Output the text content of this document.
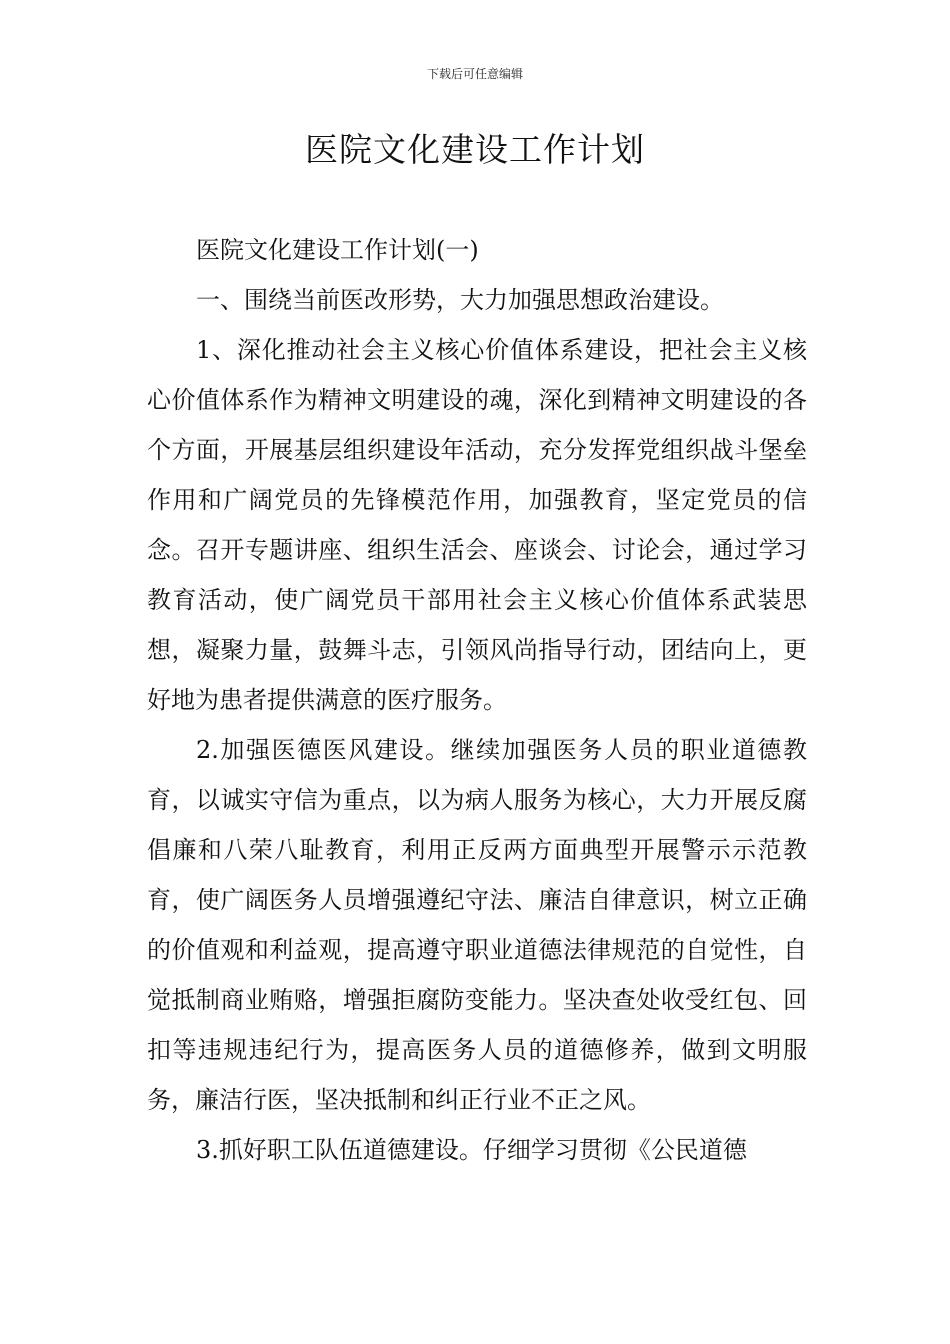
下载后可任意编辑
医院文化建设工作计划

医院文化建设工作计划(一)

一、围绕当前医改形势，大力加强思想政治建设。

1、深化推动社会主义核心价值体系建设，把社会主义核心价值体系作为精神文明建设的魂，深化到精神文明建设的各个方面，开展基层组织建设年活动，充分发挥党组织战斗堡垒作用和广阔党员的先锋模范作用，加强教育，坚定党员的信念。召开专题讲座、组织生活会、座谈会、讨论会，通过学习教育活动，使广阔党员干部用社会主义核心价值体系武装思想，凝聚力量，鼓舞斗志，引领风尚指导行动，团结向上，更好地为患者提供满意的医疗服务。

2.加强医德医风建设。继续加强医务人员的职业道德教育，以诚实守信为重点，以为病人服务为核心，大力开展反腐倡廉和八荣八耻教育，利用正反两方面典型开展警示示范教育，使广阔医务人员增强遵纪守法、廉洁自律意识，树立正确的价值观和利益观，提高遵守职业道德法律规范的自觉性，自觉抵制商业贿赂，增强拒腐防变能力。坚决查处收受红包、回扣等违规违纪行为，提高医务人员的道德修养，做到文明服务，廉洁行医，坚决抵制和纠正行业不正之风。

3.抓好职工队伍道德建设。仔细学习贯彻《公民道德
